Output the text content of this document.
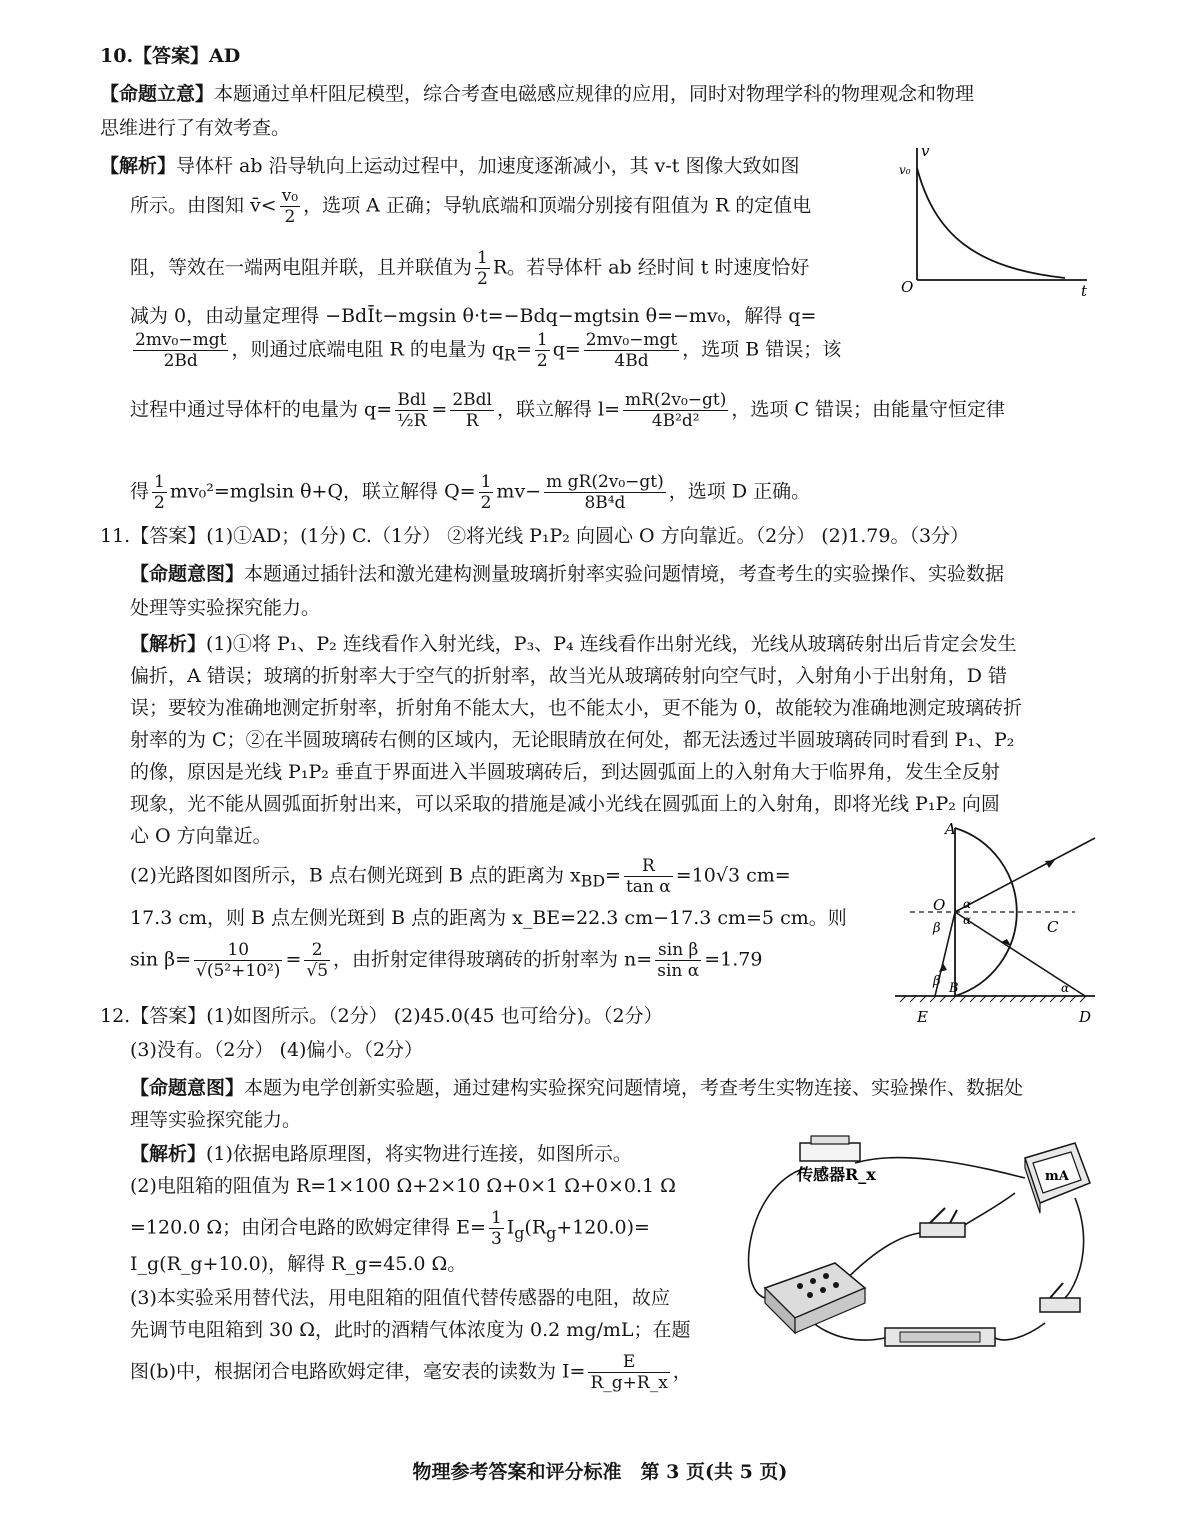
10.【答案】AD
【命题立意】本题通过单杆阻尼模型，综合考查电磁感应规律的应用，同时对物理学科的物理观念和物理
思维进行了有效考查。
【解析】导体杆 ab 沿导轨向上运动过程中，加速度逐渐减小，其 v-t 图像大致如图
所示。由图知 v̄< $\frac{\text{v₀}}{2}$ ，选项 A 正确；导轨底端和顶端分别接有阻值为 R 的定值电
阻，等效在一端两电阻并联，且并联值为 $\frac{1}{2}$ R。若导体杆 ab 经时间 t 时速度恰好
减为 0，由动量定理得 −BdĪt−mgsin θ·t=−Bdq−mgtsin θ=−mv₀，解得 q=
$\frac{\text{2mv₀−mgt}}{2Bd}$ ，则通过底端电阻 R 的电量为 $q_R= \frac{1}{2} q= \frac{\text{2mv₀−mgt}}{4Bd}$ ，选项 B 错误；该
过程中通过导体杆的电量为 $q= \frac{\text{Bdl}}{\text{½R}} = \frac{\text{2Bdl}}{R}$ ，联立解得 $l= \frac{\text{mR(2v₀−gt)}}{\text{4B²d²}}$ ，选项 C 错误；由能量守恒定律
得 $\frac{1}{2} mv_0^2=mglsin$ θ+Q，联立解得 $Q= \frac{1}{2} mv- \frac{\text{m gR(2v₀−gt)}}{\text{8B⁴d}}$ ，选项 D 正确。
v
v₀
O	t
11.【答案】(1)①AD；(1分) C.（1分） ②将光线 P₁P₂ 向圆心 O 方向靠近。（2分） (2)1.79。（3分）
【命题意图】本题通过插针法和激光建构测量玻璃折射率实验问题情境，考查考生的实验操作、实验数据
处理等实验探究能力。
【解析】(1)①将 P₁、P₂ 连线看作入射光线，P₃、P₄ 连线看作出射光线，光线从玻璃砖射出后肯定会发生
偏折，A 错误；玻璃的折射率大于空气的折射率，故当光从玻璃砖射向空气时，入射角小于出射角，D 错
误；要较为准确地测定折射率，折射角不能太大，也不能太小，更不能为 0，故能较为准确地测定玻璃砖折
射率的为 C；②在半圆玻璃砖右侧的区域内，无论眼睛放在何处，都无法透过半圆玻璃砖同时看到 P₁、P₂
的像，原因是光线 P₁P₂ 垂直于界面进入半圆玻璃砖后，到达圆弧面上的入射角大于临界角，发生全反射
现象，光不能从圆弧面折射出来，可以采取的措施是减小光线在圆弧面上的入射角，即将光线 P₁P₂ 向圆
心 O 方向靠近。
(2)光路图如图所示，B 点右侧光斑到 B 点的距离为 $x_{BD}= \frac{R}{\text{tan α}} =10√3$ cm=
17.3 cm，则 B 点左侧光斑到 B 点的距离为 x_BE=22.3 cm−17.3 cm=5 cm。则
$\sin \beta= \frac{10}{\text{√(5²+10²)}} = \frac{2}{√5}$ ，由折射定律得玻璃砖的折射率为 $n= \frac{\text{sin β}}{\text{sin α}} =1.79$
A
O α
α
β
β
C
B	α
E	D
12.【答案】(1)如图所示。（2分） (2)45.0(45 也可给分)。（2分）
(3)没有。（2分） (4)偏小。（2分）
【命题意图】本题为电学创新实验题，通过建构实验探究问题情境，考查考生实物连接、实验操作、数据处
理等实验探究能力。
【解析】(1)依据电路原理图，将实物进行连接，如图所示。
(2)电阻箱的阻值为 R=1×100 Ω+2×10 Ω+0×1 Ω+0×0.1 Ω
=120.0 Ω；由闭合电路的欧姆定律得 $E= \frac{1}{3} I_g(R_g+120.0)=$
I_g(R_g+10.0)，解得 R_g=45.0 Ω。
(3)本实验采用替代法，用电阻箱的阻值代替传感器的电阻，故应
先调节电阻箱到 30 Ω，此时的酒精气体浓度为 0.2 mg/mL；在题
图(b)中，根据闭合电路欧姆定律，毫安表的读数为 $I= \frac{E}{R\_g+R\_x}$ ，
传感器R_x	mA
物理参考答案和评分标准　第 3 页(共 5 页)
